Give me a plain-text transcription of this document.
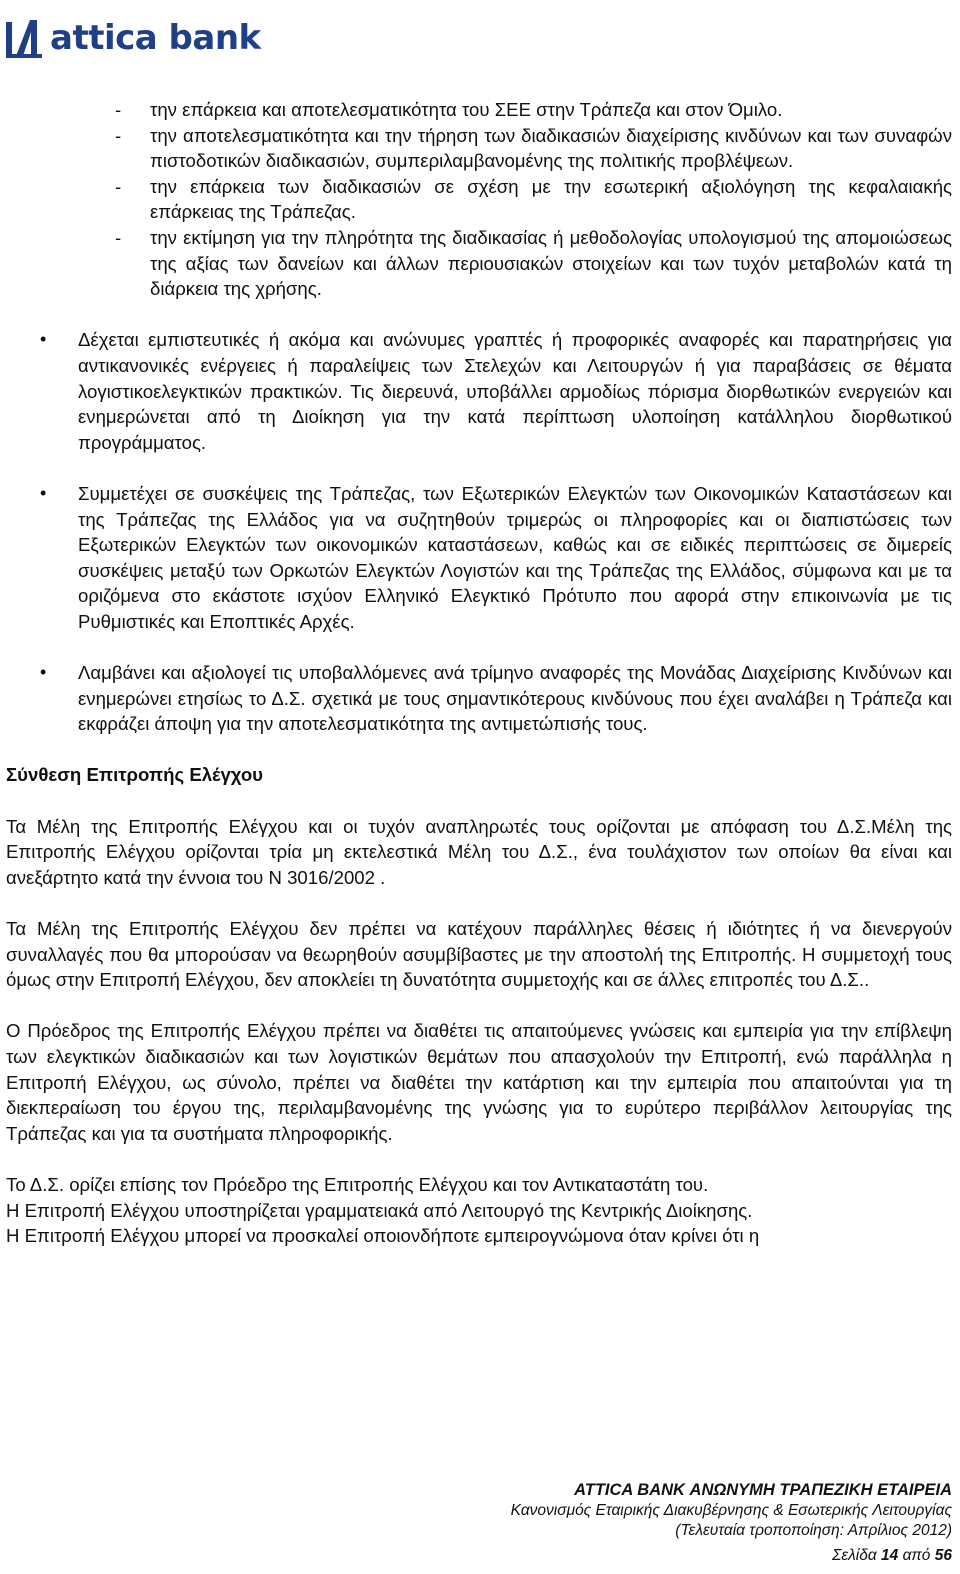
attica bank
- την επάρκεια και αποτελεσματικότητα του ΣΕΕ στην Τράπεζα και στον Όμιλο.
- την αποτελεσματικότητα και την τήρηση των διαδικασιών διαχείρισης κινδύνων και των συναφών πιστοδοτικών διαδικασιών, συμπεριλαμβανομένης της πολιτικής προβλέψεων.
- την επάρκεια των διαδικασιών σε σχέση με την εσωτερική αξιολόγηση της κεφαλαιακής επάρκειας της Τράπεζας.
- την εκτίμηση για την πληρότητα της διαδικασίας ή μεθοδολογίας υπολογισμού της απομοιώσεως της αξίας των δανείων και άλλων περιουσιακών στοιχείων και των τυχόν μεταβολών κατά τη διάρκεια της χρήσης.
• Δέχεται εμπιστευτικές ή ακόμα και ανώνυμες γραπτές ή προφορικές αναφορές και παρατηρήσεις για αντικανονικές ενέργειες ή παραλείψεις των Στελεχών και Λειτουργών ή για παραβάσεις σε θέματα λογιστικοελεγκτικών πρακτικών. Τις διερευνά, υποβάλλει αρμοδίως πόρισμα διορθωτικών ενεργειών και ενημερώνεται από τη Διοίκηση για την κατά περίπτωση υλοποίηση κατάλληλου διορθωτικού προγράμματος.
• Συμμετέχει σε συσκέψεις της Τράπεζας, των Εξωτερικών Ελεγκτών των Οικονομικών Καταστάσεων και της Τράπεζας της Ελλάδος για να συζητηθούν τριμερώς οι πληροφορίες και οι διαπιστώσεις των Εξωτερικών Ελεγκτών των οικονομικών καταστάσεων, καθώς και σε ειδικές περιπτώσεις σε διμερείς συσκέψεις μεταξύ των Ορκωτών Ελεγκτών Λογιστών και της Τράπεζας της Ελλάδος, σύμφωνα και με τα οριζόμενα στο εκάστοτε ισχύον Ελληνικό Ελεγκτικό Πρότυπο που αφορά στην επικοινωνία με τις Ρυθμιστικές και Εποπτικές Αρχές.
• Λαμβάνει και αξιολογεί τις υποβαλλόμενες ανά τρίμηνο αναφορές της Μονάδας Διαχείρισης Κινδύνων και ενημερώνει ετησίως το Δ.Σ. σχετικά με τους σημαντικότερους κινδύνους που έχει αναλάβει η Τράπεζα και εκφράζει άποψη για την αποτελεσματικότητα της αντιμετώπισής τους.
Σύνθεση Επιτροπής Ελέγχου

Τα Μέλη της Επιτροπής Ελέγχου και οι τυχόν αναπληρωτές τους ορίζονται με απόφαση του Δ.Σ.Μέλη της Επιτροπής Ελέγχου ορίζονται τρία μη εκτελεστικά Μέλη του Δ.Σ., ένα τουλάχιστον των οποίων θα είναι και ανεξάρτητο κατά την έννοια του Ν 3016/2002 .

Τα Μέλη της Επιτροπής Ελέγχου δεν πρέπει να κατέχουν παράλληλες θέσεις ή ιδιότητες ή να διενεργούν συναλλαγές που θα μπορούσαν να θεωρηθούν ασυμβίβαστες με την αποστολή της Επιτροπής. Η συμμετοχή τους όμως στην Επιτροπή Ελέγχου, δεν αποκλείει τη δυνατότητα συμμετοχής και σε άλλες επιτροπές του Δ.Σ..

Ο Πρόεδρος της Επιτροπής Ελέγχου πρέπει να διαθέτει τις απαιτούμενες γνώσεις και εμπειρία για την επίβλεψη των ελεγκτικών διαδικασιών και των λογιστικών θεμάτων που απασχολούν την Επιτροπή, ενώ παράλληλα η Επιτροπή Ελέγχου, ως σύνολο, πρέπει να διαθέτει την κατάρτιση και την εμπειρία που απαιτούνται για τη διεκπεραίωση του έργου της, περιλαμβανομένης της γνώσης για το ευρύτερο περιβάλλον λειτουργίας της Τράπεζας και για τα συστήματα πληροφορικής.

Το Δ.Σ. ορίζει επίσης τον Πρόεδρο της Επιτροπής Ελέγχου και τον Αντικαταστάτη του.
Η Επιτροπή Ελέγχου υποστηρίζεται γραμματειακά από Λειτουργό της Κεντρικής Διοίκησης.
Η Επιτροπή Ελέγχου μπορεί να προσκαλεί οποιονδήποτε εμπειρογνώμονα όταν κρίνει ότι η
ATTICA BANK ΑΝΩΝΥΜΗ ΤΡΑΠΕΖΙΚΗ ΕΤΑΙΡΕΙΑ
Κανονισμός Εταιρικής Διακυβέρνησης & Εσωτερικής Λειτουργίας
(Τελευταία τροποποίηση: Απρίλιος 2012)
Σελίδα 14 από 56
